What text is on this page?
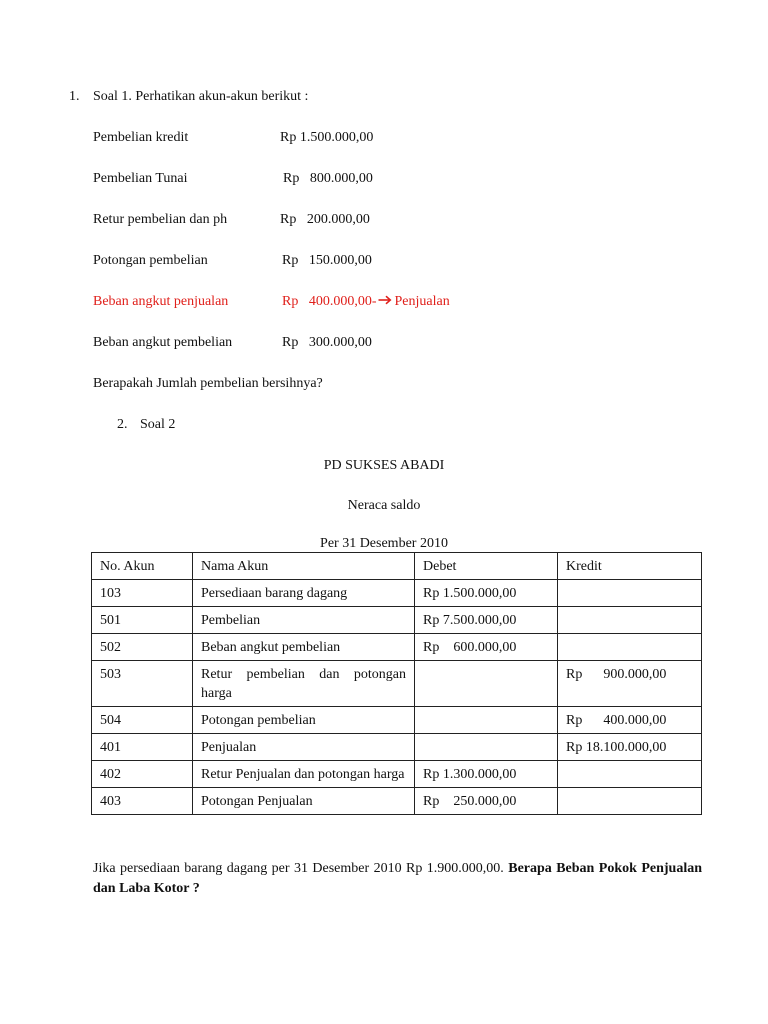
1. Soal 1. Perhatikan akun-akun berikut :
Pembelian kredit	Rp 1.500.000,00
Pembelian Tunai	Rp   800.000,00
Retur pembelian dan ph	Rp   200.000,00
Potongan pembelian	Rp   150.000,00
Beban angkut penjualan	Rp   400.000,00- Penjualan
Beban angkut pembelian	Rp   300.000,00
Berapakah Jumlah pembelian bersihnya?
2. Soal 2
PD SUKSES ABADI
Neraca saldo
Per 31 Desember 2010
No. Akun	Nama Akun	Debet	Kredit
103	Persediaan barang dagang	Rp 1.500.000,00	
501	Pembelian	Rp 7.500.000,00	
502	Beban angkut pembelian	Rp    600.000,00	
503	Retur pembelian dan potongan harga		Rp      900.000,00
504	Potongan pembelian		Rp      400.000,00
401	Penjualan		Rp 18.100.000,00
402	Retur Penjualan dan potongan harga	Rp 1.300.000,00	
403	Potongan Penjualan	Rp    250.000,00	
Jika persediaan barang dagang per 31 Desember 2010 Rp 1.900.000,00. Berapa Beban Pokok Penjualan dan Laba Kotor ?
